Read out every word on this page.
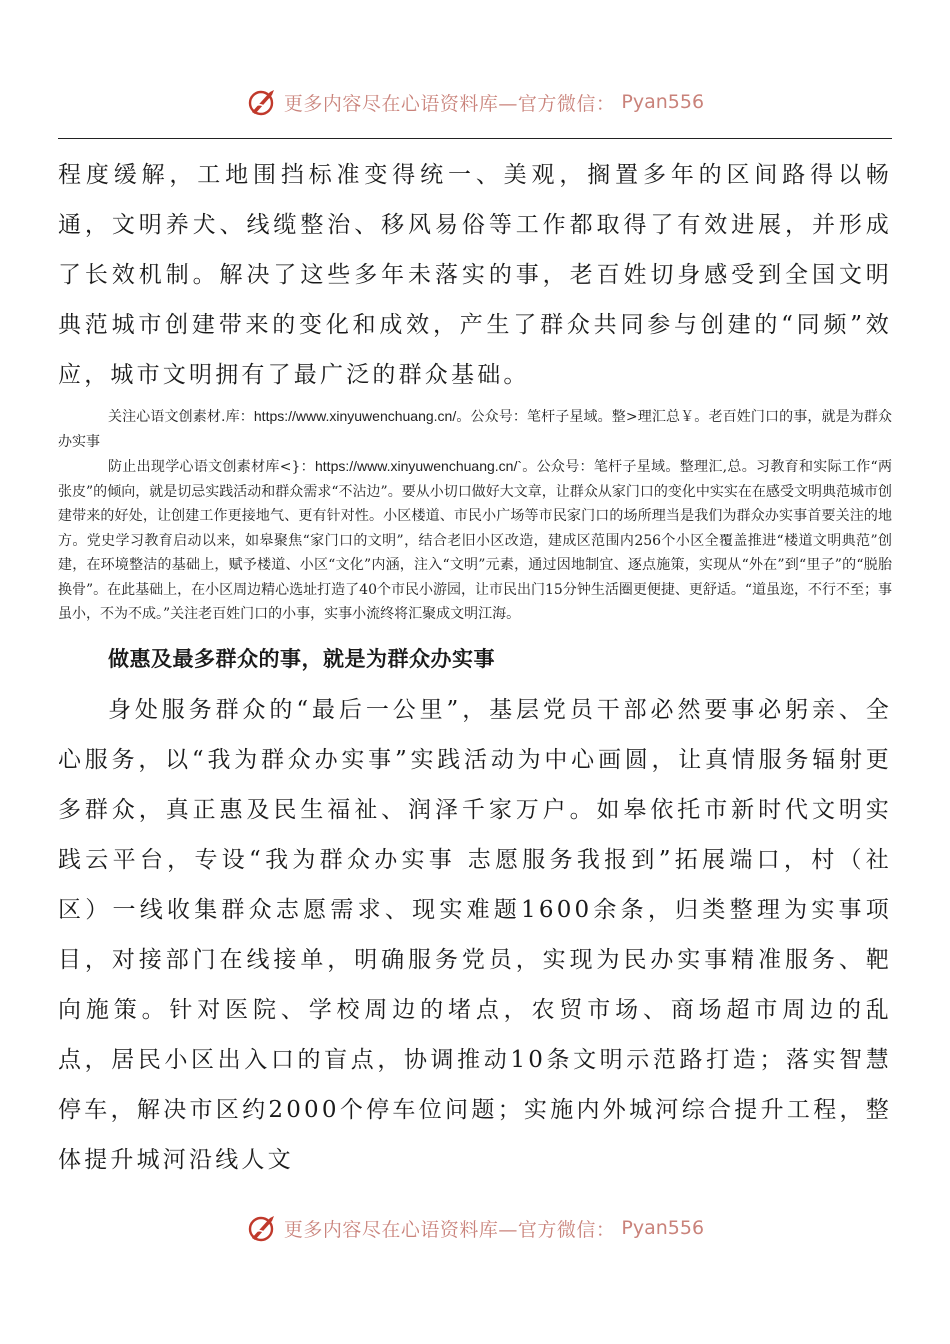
更多内容尽在心语资料库—官方微信： Pyan556

程度缓解，工地围挡标准变得统一、美观，搁置多年的区间路得以畅通，文明养犬、线缆整治、移风易俗等工作都取得了有效进展，并形成了长效机制。解决了这些多年未落实的事，老百姓切身感受到全国文明典范城市创建带来的变化和成效，产生了群众共同参与创建的“同频”效应，城市文明拥有了最广泛的群众基础。

关注心语文创素材.库：https://www.xinyuwenchuang.cn/。公众号：笔杆子星域。整>理汇总￥。老百姓门口的事，就是为群众办实事

防止出现学心语文创素材库<}：https://www.xinyuwenchuang.cn/`。公众号：笔杆子星域。整理汇,总。习教育和实际工作“两张皮”的倾向，就是切忌实践活动和群众需求“不沾边”。要从小切口做好大文章，让群众从家门口的变化中实实在在感受文明典范城市创建带来的好处，让创建工作更接地气、更有针对性。小区楼道、市民小广场等市民家门口的场所理当是我们为群众办实事首要关注的地方。党史学习教育启动以来，如皋聚焦“家门口的文明”，结合老旧小区改造，建成区范围内256个小区全覆盖推进“楼道文明典范”创建，在环境整洁的基础上，赋予楼道、小区“文化”内涵，注入“文明”元素，通过因地制宜、逐点施策，实现从“外在”到“里子”的“脱胎换骨”。在此基础上，在小区周边精心选址打造了40个市民小游园，让市民出门15分钟生活圈更便捷、更舒适。“道虽迩，不行不至；事虽小，不为不成。”关注老百姓门口的小事，实事小流终将汇聚成文明江海。

做惠及最多群众的事，就是为群众办实事

身处服务群众的“最后一公里”，基层党员干部必然要事必躬亲、全心服务，以“我为群众办实事”实践活动为中心画圆，让真情服务辐射更多群众，真正惠及民生福祉、润泽千家万户。如皋依托市新时代文明实践云平台，专设“我为群众办实事 志愿服务我报到”拓展端口，村（社区）一线收集群众志愿需求、现实难题1600余条，归类整理为实事项目，对接部门在线接单，明确服务党员，实现为民办实事精准服务、靶向施策。针对医院、学校周边的堵点，农贸市场、商场超市周边的乱点，居民小区出入口的盲点，协调推动10条文明示范路打造；落实智慧停车，解决市区约2000个停车位问题；实施内外城河综合提升工程，整体提升城河沿线人文

更多内容尽在心语资料库—官方微信： Pyan556
